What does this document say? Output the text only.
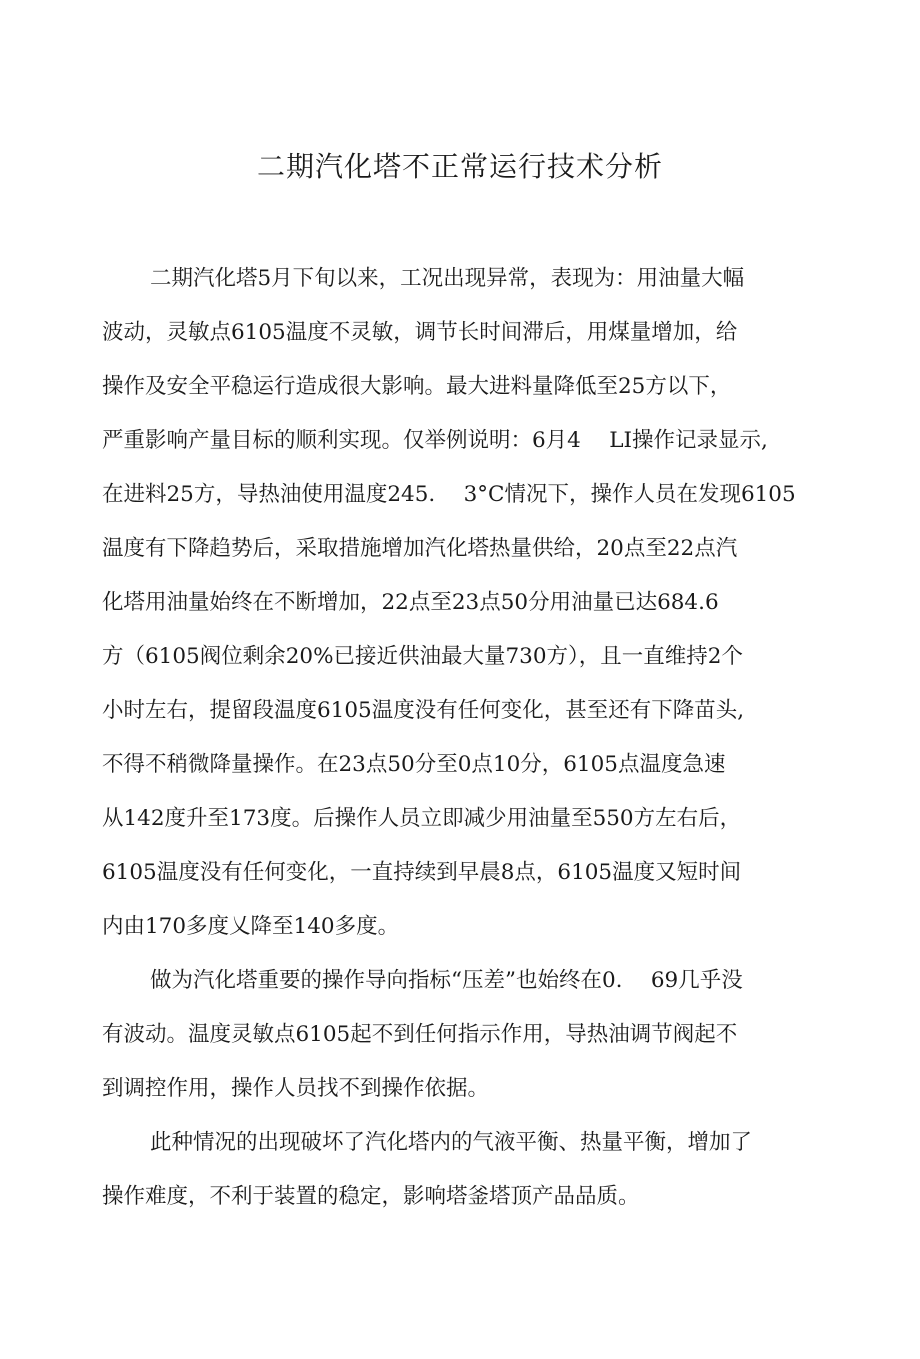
二期汽化塔不正常运行技术分析
二期汽化塔5月下旬以来，工况出现异常，表现为：用油量大幅
波动，灵敏点6105温度不灵敏，调节长时间滞后，用煤量增加，给
操作及安全平稳运行造成很大影响。最大进料量降低至25方以下，
严重影响产量目标的顺利实现。仅举例说明：6月4　 LI操作记录显示,
在进料25方，导热油使用温度245.　 3°C情况下，操作人员在发现6105
温度有下降趋势后，采取措施增加汽化塔热量供给，20点至22点汽
化塔用油量始终在不断增加，22点至23点50分用油量已达684.6
方（6105阀位剩余20%已接近供油最大量730方），且一直维持2个
小时左右，提留段温度6105温度没有任何变化，甚至还有下降苗头,
不得不稍微降量操作。在23点50分至0点10分，6105点温度急速
从142度升至173度。后操作人员立即减少用油量至550方左右后，
6105温度没有任何变化，一直持续到早晨8点，6105温度又短时间
内由170多度乂降至140多度。
做为汽化塔重要的操作导向指标“压差”也始终在0.　 69几乎没
有波动。温度灵敏点6105起不到任何指示作用，导热油调节阀起不
到调控作用，操作人员找不到操作依据。
此种情况的出现破坏了汽化塔内的气液平衡、热量平衡，增加了
操作难度，不利于装置的稳定，影响塔釜塔顶产品品质。
